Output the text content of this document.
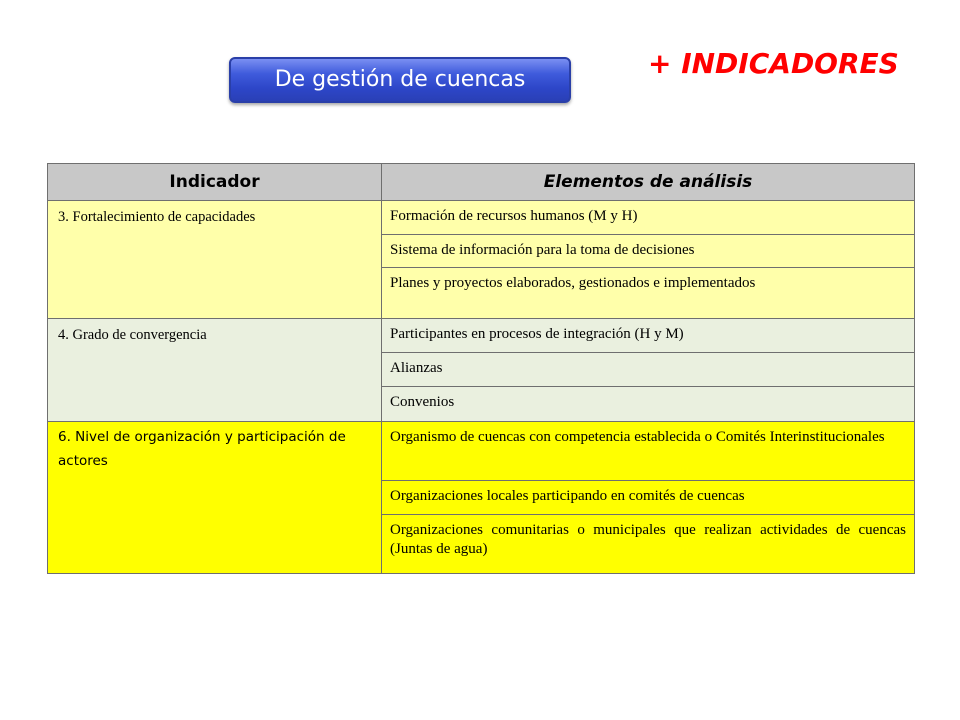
De gestión de cuencas	+ INDICADORES
Indicador	Elementos de análisis
3. Fortalecimiento de capacidades	Formación de recursos humanos (M y H)
	Sistema de información para la toma de decisiones
	Planes y proyectos elaborados, gestionados e implementados
4. Grado de convergencia	Participantes en procesos de integración (H y M)
	Alianzas
	Convenios
6. Nivel de organización y participación de actores	Organismo de cuencas con competencia establecida o Comités Interinstitucionales
	Organizaciones locales participando en comités de cuencas
	Organizaciones comunitarias o municipales que realizan actividades de cuencas (Juntas de agua)
